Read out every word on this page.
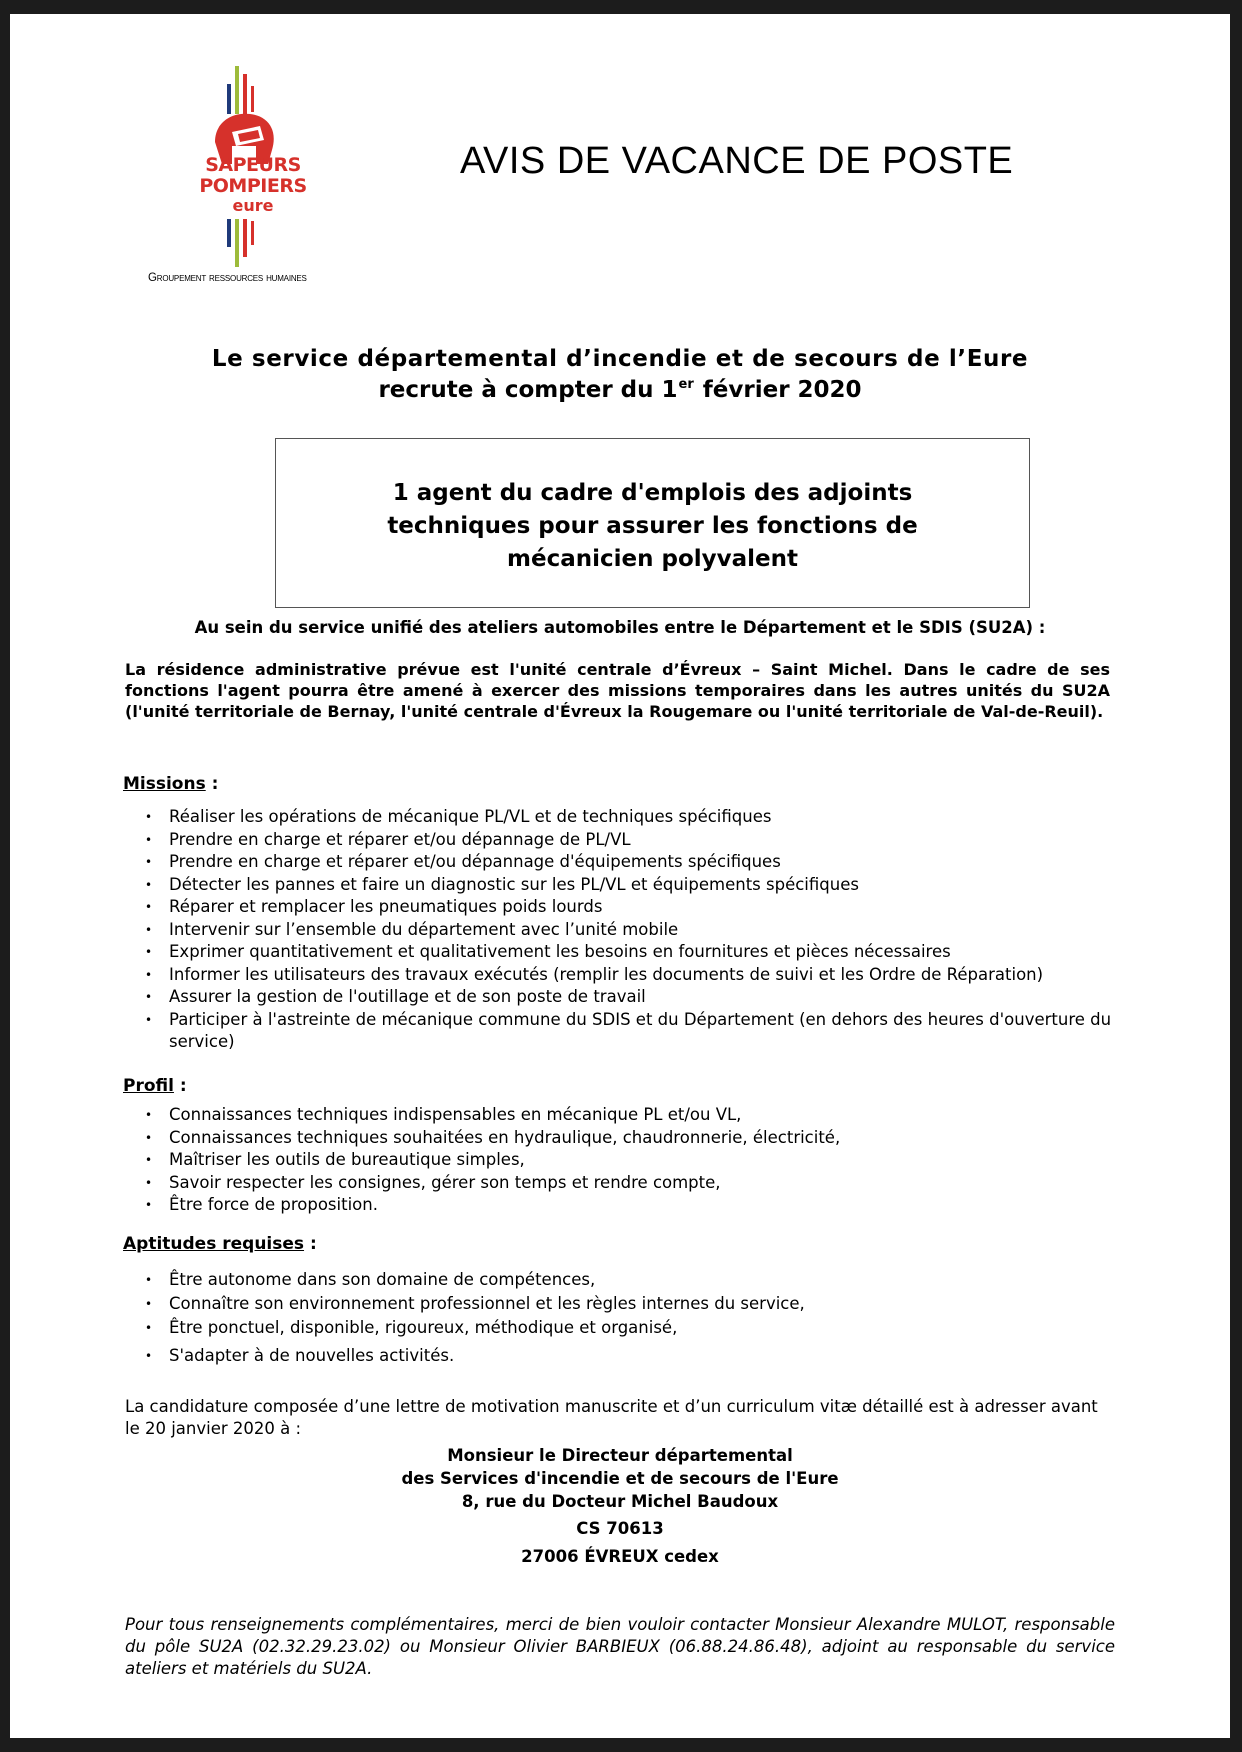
SAPEURS
POMPIERS
eure
Groupement ressources humaines
AVIS DE VACANCE DE POSTE
Le service départemental d’incendie et de secours de l’Eure
recrute à compter du 1er février 2020
1 agent du cadre d'emplois des adjoints
techniques pour assurer les fonctions de
mécanicien polyvalent
Au sein du service unifié des ateliers automobiles entre le Département et le SDIS (SU2A) :
La résidence administrative prévue est l'unité centrale d’Évreux – Saint Michel. Dans le cadre de ses fonctions l'agent pourra être amené à exercer des missions temporaires dans les autres unités du SU2A (l'unité territoriale de Bernay, l'unité centrale d'Évreux la Rougemare ou l'unité territoriale de Val-de-Reuil).
Missions :
• Réaliser les opérations de mécanique PL/VL et de techniques spécifiques
• Prendre en charge et réparer et/ou dépannage de PL/VL
• Prendre en charge et réparer et/ou dépannage d'équipements spécifiques
• Détecter les pannes et faire un diagnostic sur les PL/VL et équipements spécifiques
• Réparer et remplacer les pneumatiques poids lourds
• Intervenir sur l’ensemble du département avec l’unité mobile
• Exprimer quantitativement et qualitativement les besoins en fournitures et pièces nécessaires
• Informer les utilisateurs des travaux exécutés (remplir les documents de suivi et les Ordre de Réparation)
• Assurer la gestion de l'outillage et de son poste de travail
• Participer à l'astreinte de mécanique commune du SDIS et du Département (en dehors des heures d'ouverture du service)
Profil :
• Connaissances techniques indispensables en mécanique PL et/ou VL,
• Connaissances techniques souhaitées en hydraulique, chaudronnerie, électricité,
• Maîtriser les outils de bureautique simples,
• Savoir respecter les consignes, gérer son temps et rendre compte,
• Être force de proposition.
Aptitudes requises :
• Être autonome dans son domaine de compétences,
• Connaître son environnement professionnel et les règles internes du service,
• Être ponctuel, disponible, rigoureux, méthodique et organisé,
• S'adapter à de nouvelles activités.
La candidature composée d’une lettre de motivation manuscrite et d’un curriculum vitæ détaillé est à adresser avant le 20 janvier 2020 à :
Monsieur le Directeur départemental
des Services d'incendie et de secours de l'Eure
8, rue du Docteur Michel Baudoux
CS 70613
27006 ÉVREUX cedex
Pour tous renseignements complémentaires, merci de bien vouloir contacter Monsieur Alexandre MULOT, responsable du pôle SU2A (02.32.29.23.02) ou Monsieur Olivier BARBIEUX (06.88.24.86.48), adjoint au responsable du service ateliers et matériels du SU2A.
